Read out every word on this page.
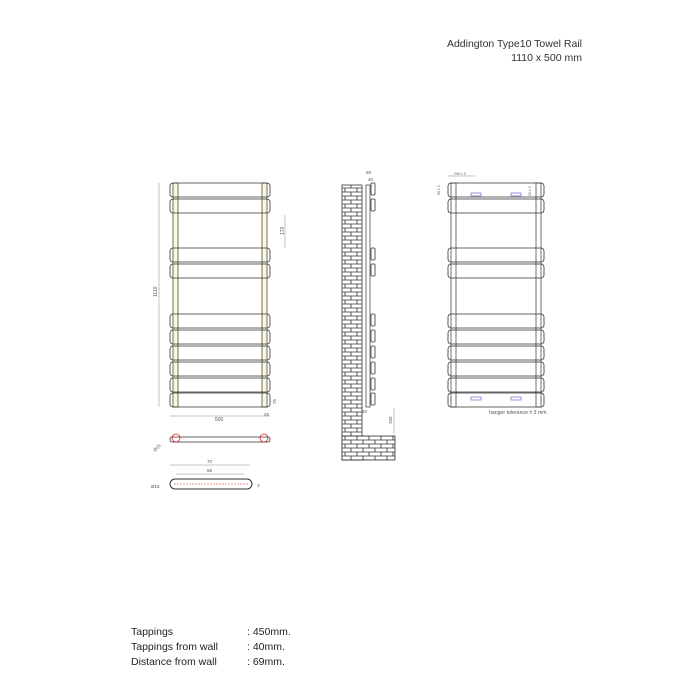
Addington Type10 Towel Rail
1110 x 500 mm
1110
170
500
25
75
Ø15
70
58
Ø15	3
69
40
40
150
200 ± 3
65 ± 3	20 ± 3
hanger tolerance ± 3 mm
Tappings	: 450mm.
Tappings from wall	: 40mm.
Distance from wall	: 69mm.
